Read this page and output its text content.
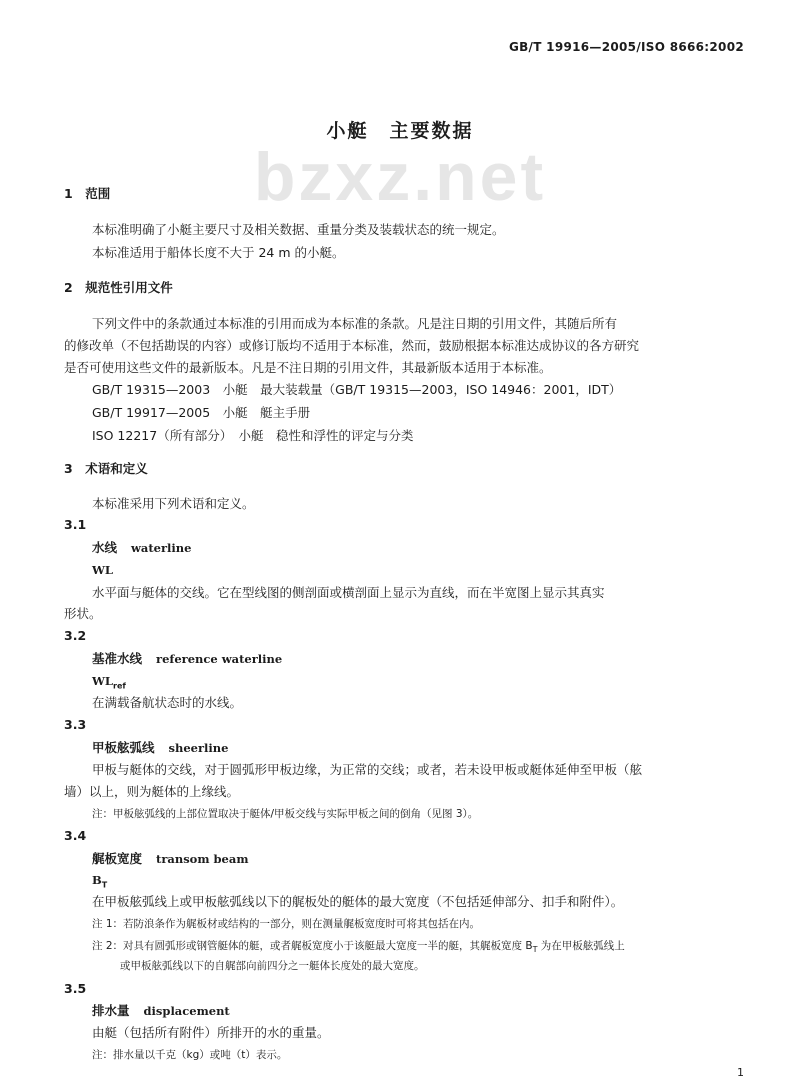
GB/T 19916—2005/ISO 8666:2002
bzxz.net
小艇　主要数据
1　范围
本标准明确了小艇主要尺寸及相关数据、重量分类及装载状态的统一规定。
本标准适用于船体长度不大于 24 m 的小艇。
2　规范性引用文件
下列文件中的条款通过本标准的引用而成为本标准的条款。凡是注日期的引用文件，其随后所有
的修改单（不包括勘误的内容）或修订版均不适用于本标准，然而，鼓励根据本标准达成协议的各方研究
是否可使用这些文件的最新版本。凡是不注日期的引用文件，其最新版本适用于本标准。
GB/T 19315—2003　小艇　最大装载量（GB/T 19315—2003，ISO 14946：2001，IDT）
GB/T 19917—2005　小艇　艇主手册
ISO 12217（所有部分）　小艇　稳性和浮性的评定与分类
3　术语和定义
本标准采用下列术语和定义。
3.1
水线 waterline
WL
水平面与艇体的交线。它在型线图的侧剖面或横剖面上显示为直线，而在半宽图上显示其真实
形状。
3.2
基准水线 reference waterline
$WL_{ref}$
在满载备航状态时的水线。
3.3
甲板舷弧线 sheerline
甲板与艇体的交线，对于圆弧形甲板边缘，为正常的交线；或者，若未设甲板或艇体延伸至甲板（舷
墙）以上，则为艇体的上缘线。
注：甲板舷弧线的上部位置取决于艇体/甲板交线与实际甲板之间的倒角（见图 3）。
3.4
艉板宽度 transom beam
$B_T$
在甲板舷弧线上或甲板舷弧线以下的艉板处的艇体的最大宽度（不包括延伸部分、扣手和附件）。
注 1：若防浪条作为艉板材或结构的一部分，则在测量艉板宽度时可将其包括在内。
注 2：对具有圆弧形或钢管艇体的艇，或者艉板宽度小于该艇最大宽度一半的艇，其艉板宽度 $B_T$ 为在甲板舷弧线上
或甲板舷弧线以下的自艉部向前四分之一艇体长度处的最大宽度。
3.5
排水量 displacement
由艇（包括所有附件）所排开的水的重量。
注：排水量以千克（kg）或吨（t）表示。
1
